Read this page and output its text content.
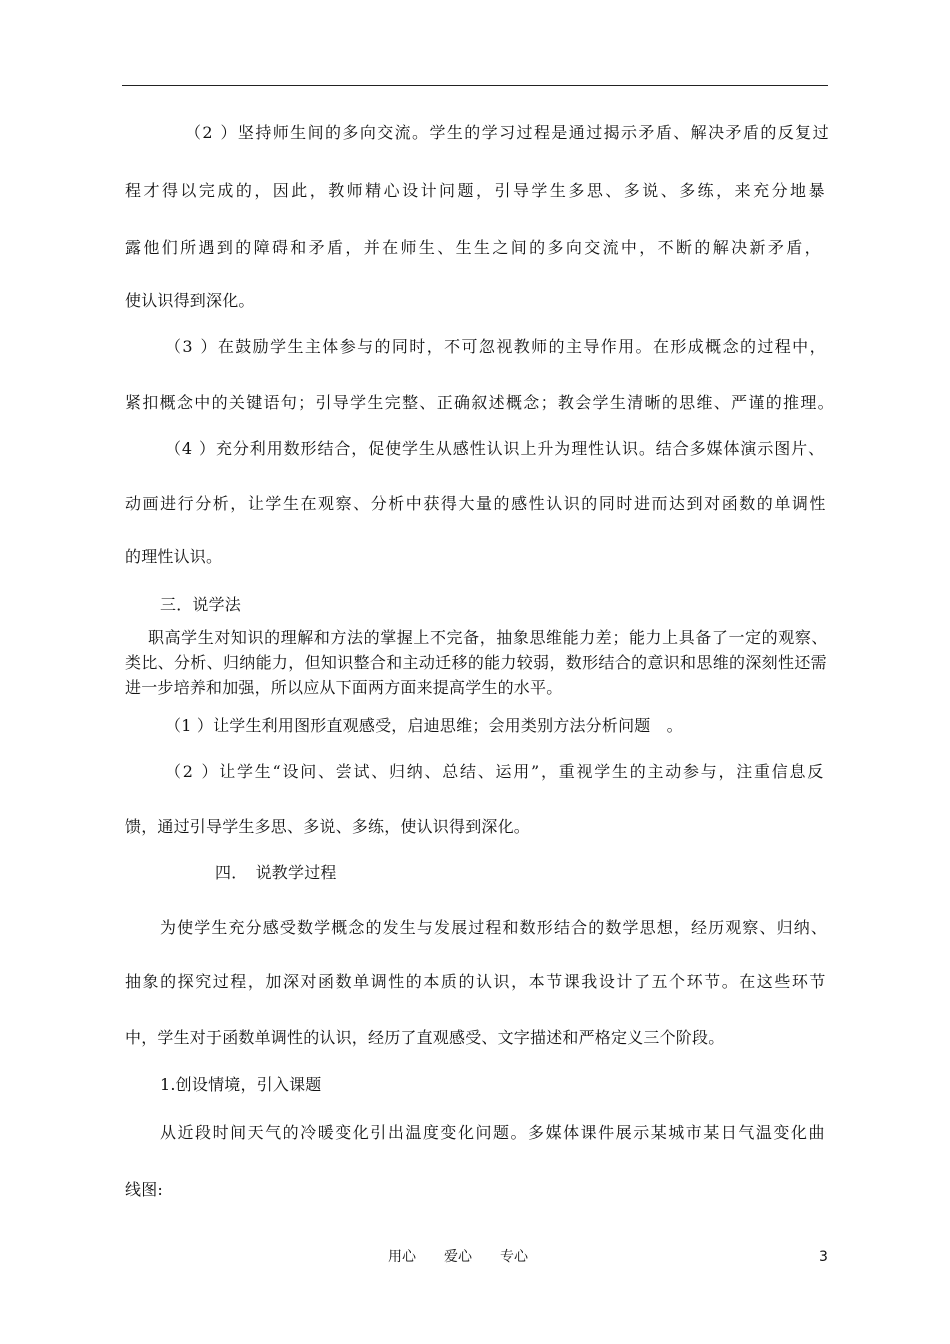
（2 ）坚持师生间的多向交流。学生的学习过程是通过揭示矛盾、解决矛盾的反复过
程才得以完成的，因此，教师精心设计问题，引导学生多思、多说、多练，来充分地暴
露他们所遇到的障碍和矛盾，并在师生、生生之间的多向交流中，不断的解决新矛盾，
使认识得到深化。
（3 ）在鼓励学生主体参与的同时，不可忽视教师的主导作用。在形成概念的过程中，
紧扣概念中的关键语句；引导学生完整、正确叙述概念；教会学生清晰的思维、严谨的推理。
（4 ）充分利用数形结合，促使学生从感性认识上升为理性认识。结合多媒体演示图片、
动画进行分析，让学生在观察、分析中获得大量的感性认识的同时进而达到对函数的单调性
的理性认识。
三．说学法
职高学生对知识的理解和方法的掌握上不完备，抽象思维能力差；能力上具备了一定的观察、
类比、分析、归纳能力，但知识整合和主动迁移的能力较弱，数形结合的意识和思维的深刻性还需
进一步培养和加强，所以应从下面两方面来提高学生的水平。
（1 ）让学生利用图形直观感受，启迪思维；会用类别方法分析问题　。
（2 ）让学生“设问、尝试、归纳、总结、运用”，重视学生的主动参与，注重信息反
馈，通过引导学生多思、多说、多练，使认识得到深化。
四．　说教学过程
为使学生充分感受数学概念的发生与发展过程和数形结合的数学思想，经历观察、归纳、
抽象的探究过程，加深对函数单调性的本质的认识，本节课我设计了五个环节。在这些环节
中，学生对于函数单调性的认识，经历了直观感受、文字描述和严格定义三个阶段。
1.创设情境，引入课题
从近段时间天气的冷暖变化引出温度变化问题。多媒体课件展示某城市某日气温变化曲
线图:
用心　　爱心　　专心	3
